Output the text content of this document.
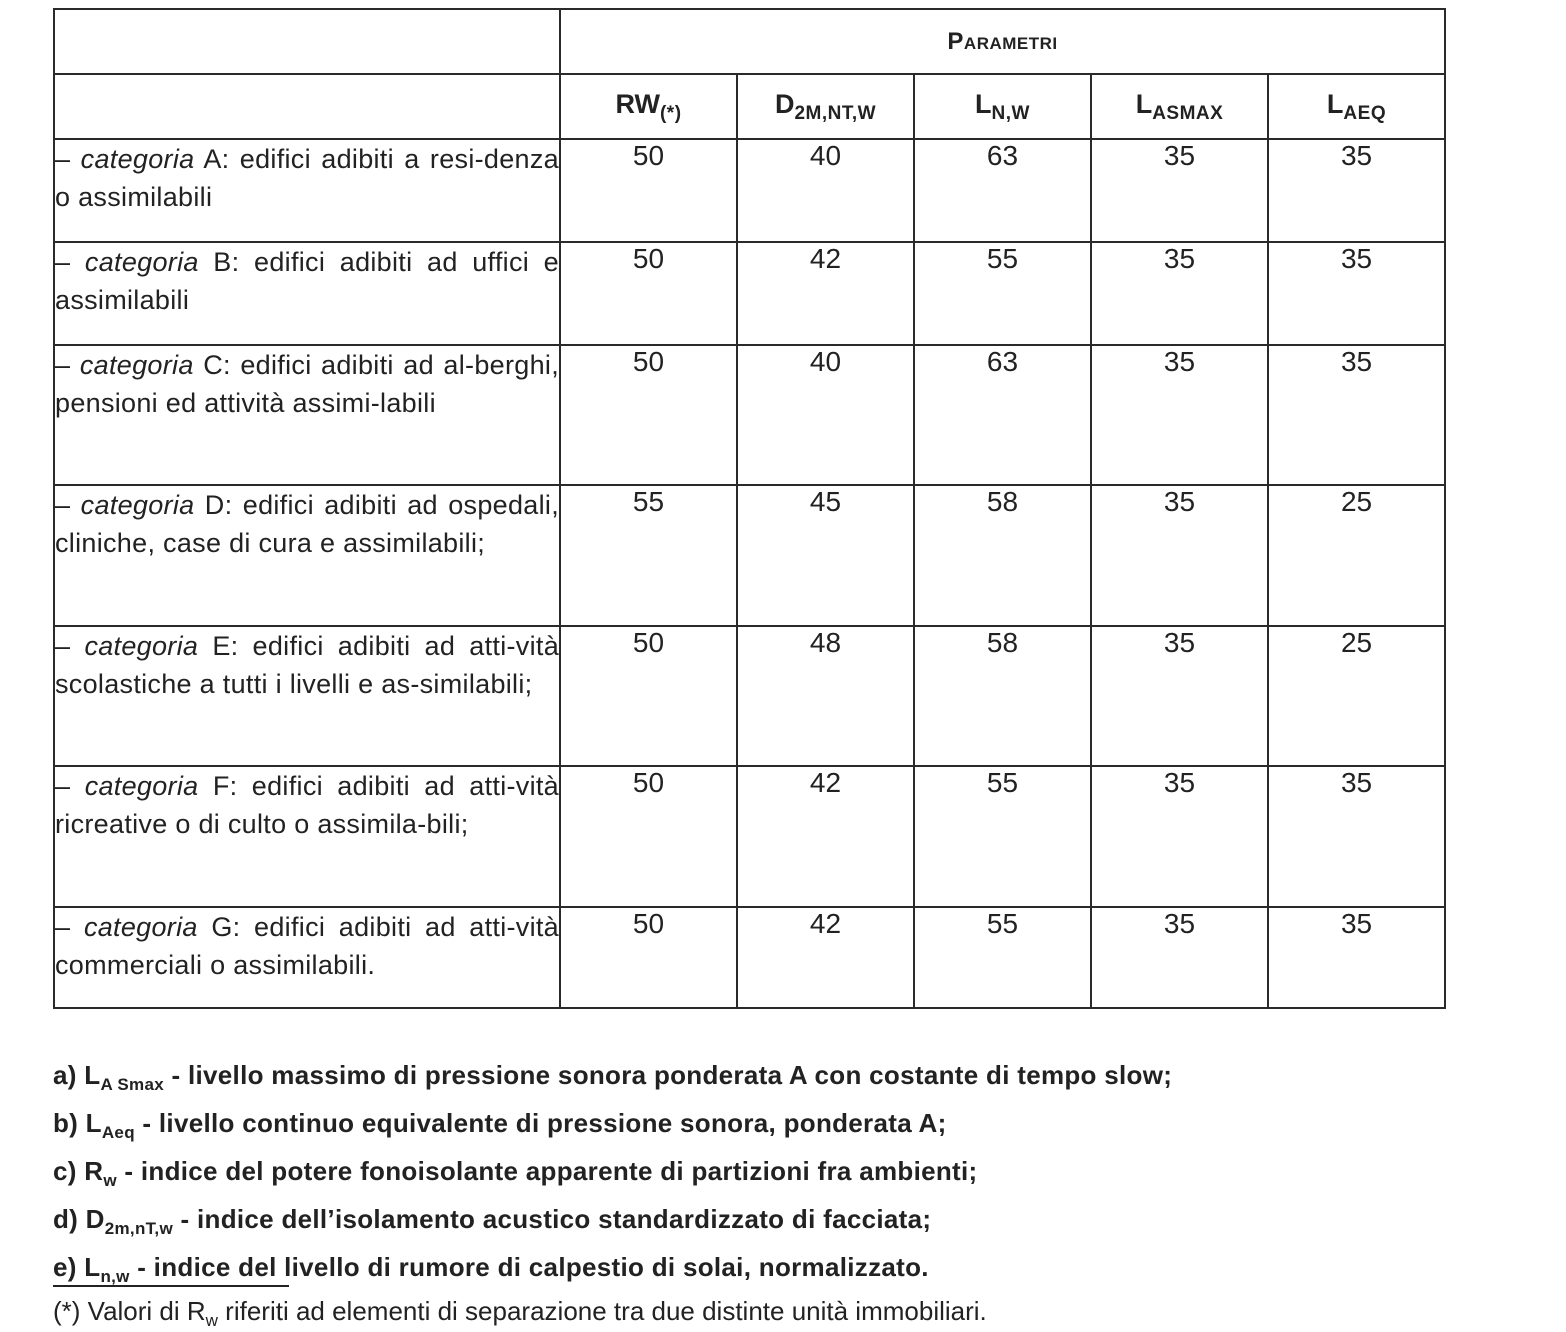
	Parametri				
	$RW_{(*)}$	$D_{2M,NT,W}$	$L_{N,W}$	$L_{ASMAX}$	$L_{AEQ}$
– categoria A: edifici adibiti a resi-denza o assimilabili	50	40	63	35	35
– categoria B: edifici adibiti ad uffici e assimilabili	50	42	55	35	35
– categoria C: edifici adibiti ad al-berghi, pensioni ed attività assimi-labili	50	40	63	35	35
– categoria D: edifici adibiti ad ospedali, cliniche, case di cura e assimilabili;	55	45	58	35	25
– categoria E: edifici adibiti ad atti-vità scolastiche a tutti i livelli e as-similabili;	50	48	58	35	25
– categoria F: edifici adibiti ad atti-vità ricreative o di culto o assimila-bili;	50	42	55	35	35
– categoria G: edifici adibiti ad atti-vità commerciali o assimilabili.	50	42	55	35	35
a) $L_{A Smax}$ - livello massimo di pressione sonora ponderata A con costante di tempo slow;
b) $L_{Aeq}$ - livello continuo equivalente di pressione sonora, ponderata A;
c) $R_w$ - indice del potere fonoisolante apparente di partizioni fra ambienti;
d) $D_{2m,nT,w}$ - indice dell’isolamento acustico standardizzato di facciata;
e) $L_{n,w}$ - indice del livello di rumore di calpestio di solai, normalizzato.
(*) Valori di $R_w$ riferiti ad elementi di separazione tra due distinte unità immobiliari.
